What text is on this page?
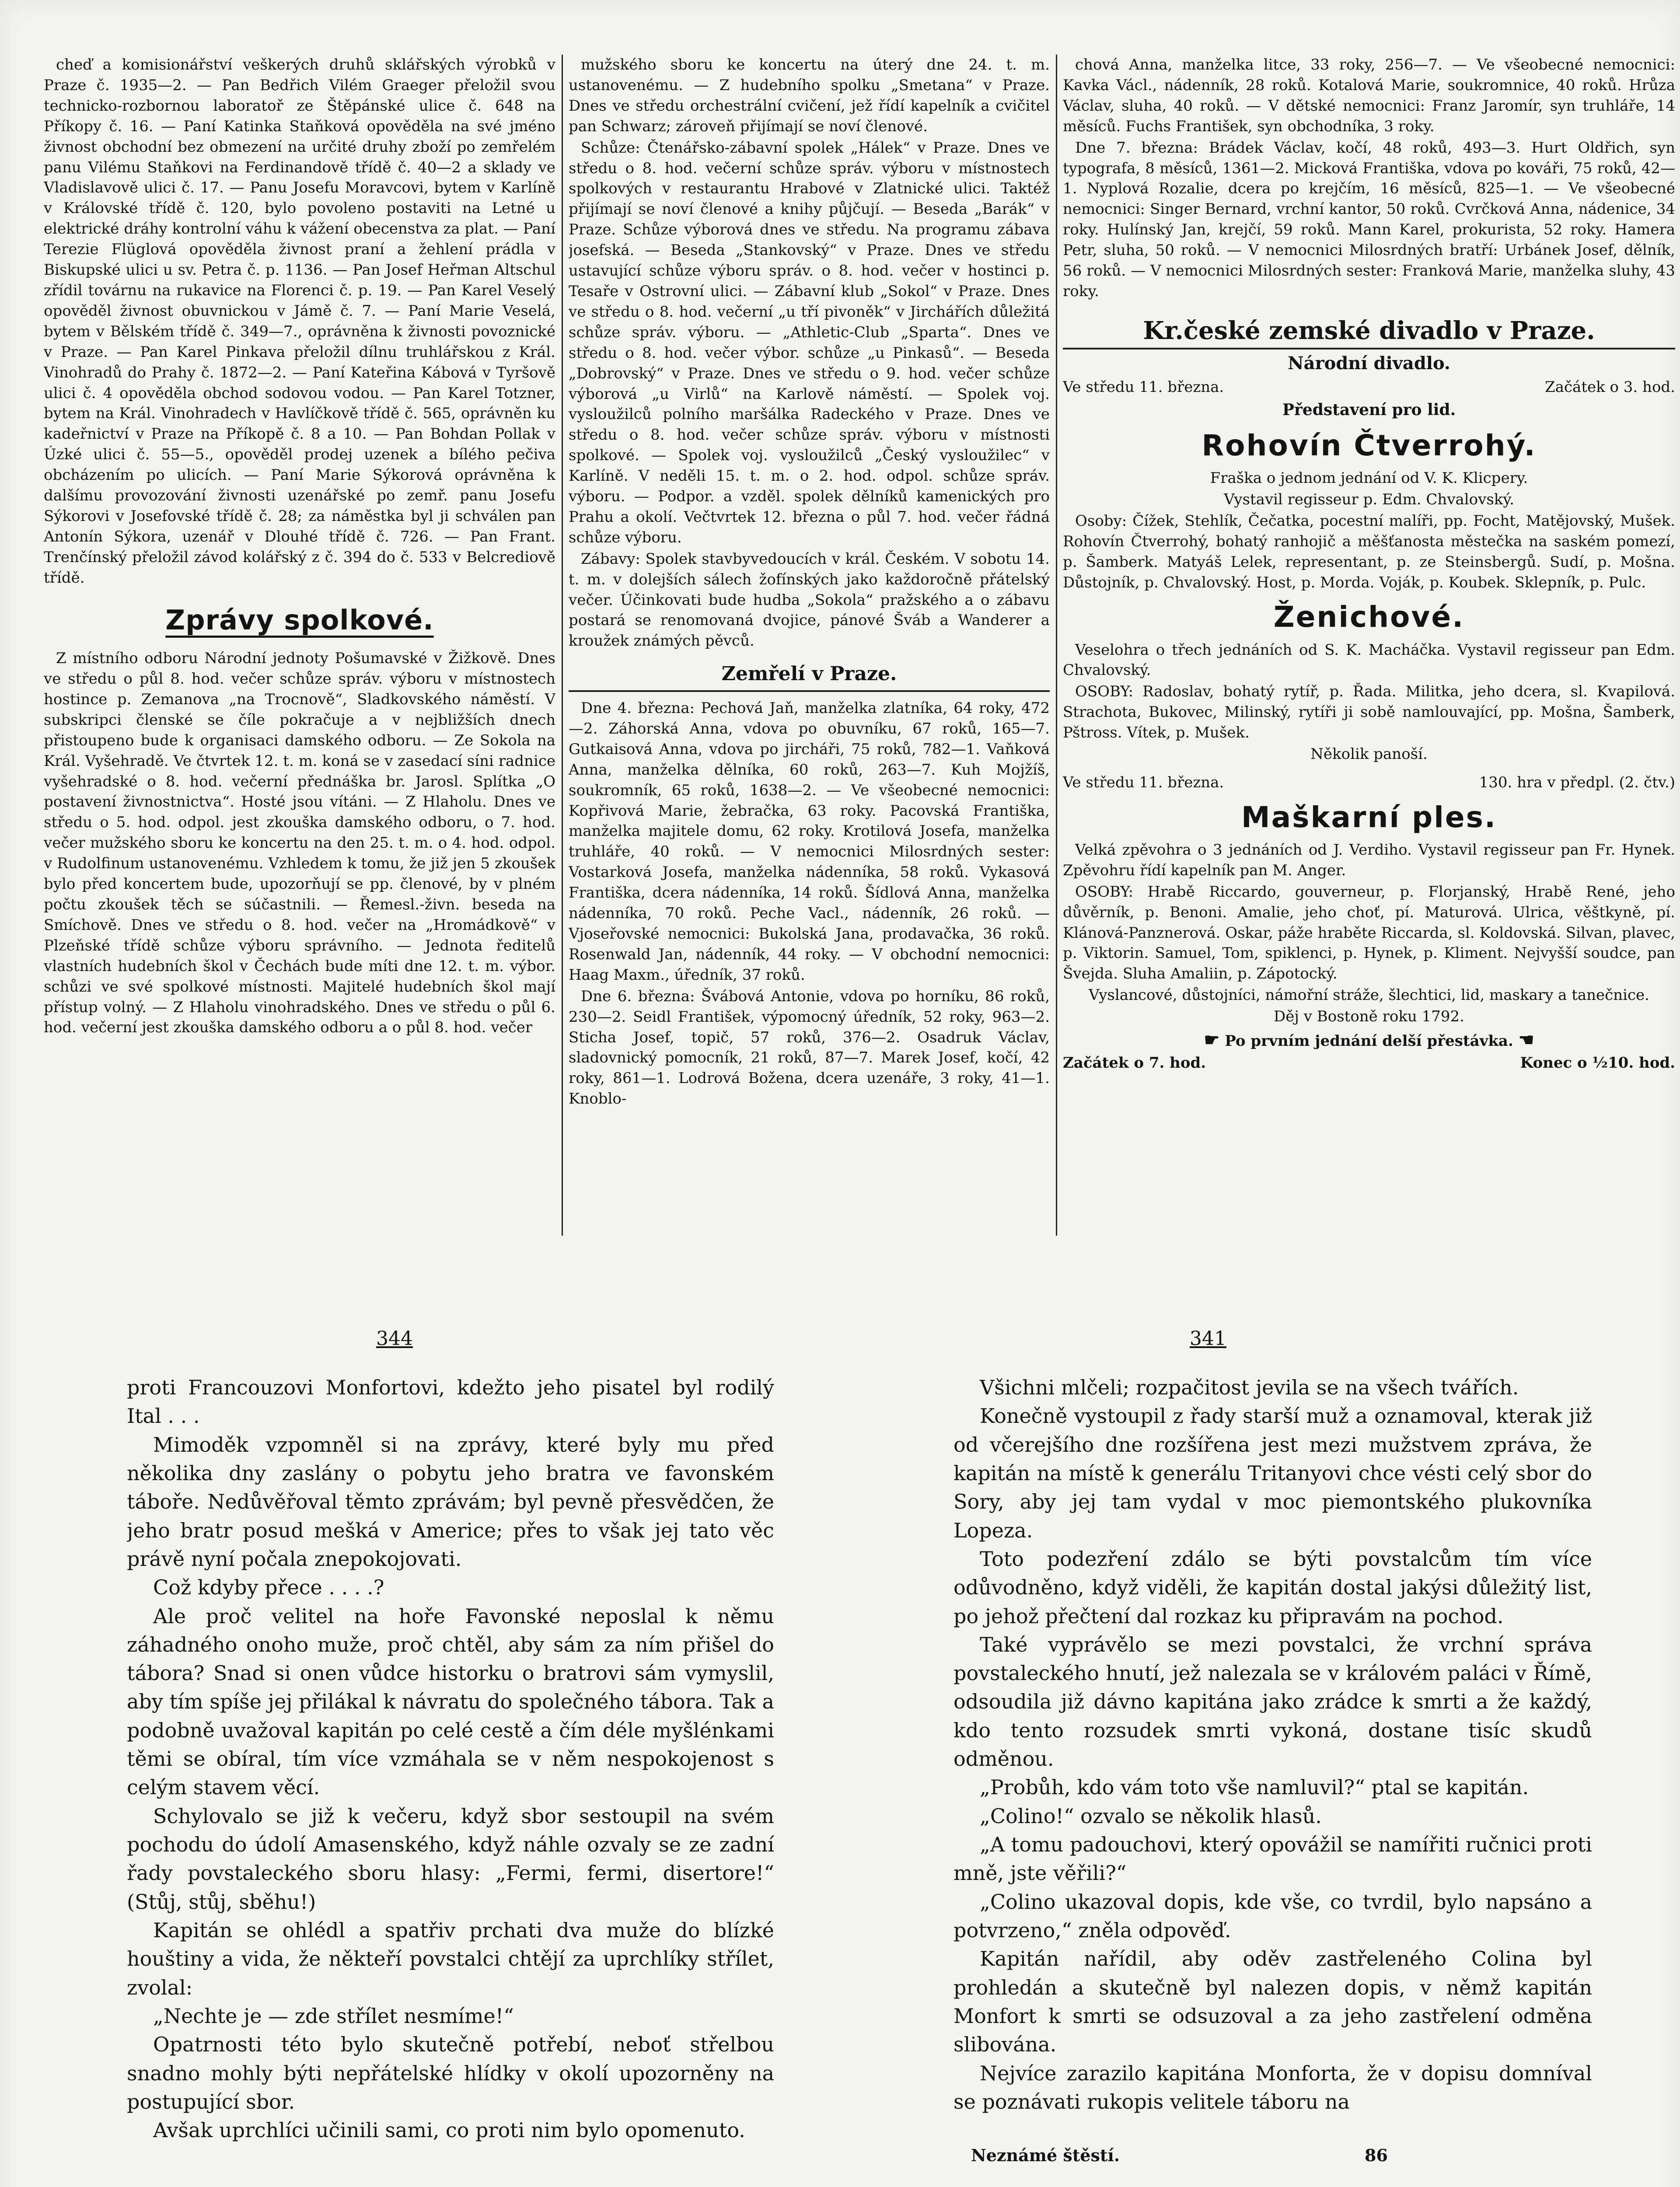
cheď a komisionářství veškerých druhů sklářských výrobků v Praze č. 1935—2. — Pan Bedřich Vilém Graeger přeložil svou technicko-rozbornou laboratoř ze Štěpánské ulice č. 648 na Příkopy č. 16. — Paní Katinka Staňková opověděla na své jméno živnost obchodní bez obmezení na určité druhy zboží po zemřelém panu Vilému Staňkovi na Ferdinandově třídě č. 40—2 a sklady ve Vladislavově ulici č. 17. — Panu Josefu Moravcovi, bytem v Karlíně v Královské třídě č. 120, bylo povoleno postaviti na Letné u elektrické dráhy kontrolní váhu k vážení obecenstva za plat. — Paní Terezie Flüglová opověděla živnost praní a žehlení prádla v Biskupské ulici u sv. Petra č. p. 1136. — Pan Josef Heřman Altschul zřídil továrnu na rukavice na Florenci č. p. 19. — Pan Karel Veselý opověděl živnost obuvnickou v Jámě č. 7. — Paní Marie Veselá, bytem v Bělském třídě č. 349—7., oprávněna k živnosti povoznické v Praze. — Pan Karel Pinkava přeložil dílnu truhlářskou z Král. Vinohradů do Prahy č. 1872—2. — Paní Kateřina Kábová v Tyršově ulici č. 4 opověděla obchod sodovou vodou. — Pan Karel Totzner, bytem na Král. Vinohradech v Havlíčkově třídě č. 565, oprávněn ku kadeřnictví v Praze na Příkopě č. 8 a 10. — Pan Bohdan Pollak v Úzké ulici č. 55—5., opověděl prodej uzenek a bílého pečiva obcházením po ulicích. — Paní Marie Sýkorová oprávněna k dalšímu provozování živnosti uzenářské po zemř. panu Josefu Sýkorovi v Josefovské třídě č. 28; za náměstka byl ji schválen pan Antonín Sýkora, uzenář v Dlouhé třídě č. 726. — Pan Frant. Trenčínský přeložil závod kolářský z č. 394 do č. 533 v Belcrediově třídě.

Zprávy spolkové.

Z místního odboru Národní jednoty Pošumavské v Žižkově. Dnes ve středu o půl 8. hod. večer schůze správ. výboru v místnostech hostince p. Zemanova „na Trocnově“, Sladkovského náměstí. V subskripci členské se číle pokračuje a v nejbližších dnech přistoupeno bude k organisaci damského odboru. — Ze Sokola na Král. Vyšehradě. Ve čtvrtek 12. t. m. koná se v zasedací síni radnice vyšehradské o 8. hod. večerní přednáška br. Jarosl. Splítka „O postavení živnostnictva“. Hosté jsou vítáni. — Z Hlaholu. Dnes ve středu o 5. hod. odpol. jest zkouška damského odboru, o 7. hod. večer mužského sboru ke koncertu na den 25. t. m. o 4. hod. odpol. v Rudolfinum ustanovenému. Vzhledem k tomu, že již jen 5 zkoušek bylo před koncertem bude, upozorňují se pp. členové, by v plném počtu zkoušek těch se súčastnili. — Řemesl.-živn. beseda na Smíchově. Dnes ve středu o 8. hod. večer na „Hromádkově“ v Plzeňské třídě schůze výboru správního. — Jednota ředitelů vlastních hudebních škol v Čechách bude míti dne 12. t. m. výbor. schůzi ve své spolkové místnosti. Majitelé hudebních škol mají přístup volný. — Z Hlaholu vinohradského. Dnes ve středu o půl 6. hod. večerní jest zkouška damského odboru a o půl 8. hod. večer

mužského sboru ke koncertu na úterý dne 24. t. m. ustanovenému. — Z hudebního spolku „Smetana“ v Praze. Dnes ve středu orchestrální cvičení, jež řídí kapelník a cvičitel pan Schwarz; zároveň přijímají se noví členové.

Schůze: Čtenářsko-zábavní spolek „Hálek“ v Praze. Dnes ve středu o 8. hod. večerní schůze správ. výboru v místnostech spolkových v restaurantu Hrabové v Zlatnické ulici. Taktéž přijímají se noví členové a knihy půjčují. — Beseda „Barák“ v Praze. Schůze výborová dnes ve středu. Na programu zábava josefská. — Beseda „Stankovský“ v Praze. Dnes ve středu ustavující schůze výboru správ. o 8. hod. večer v hostinci p. Tesaře v Ostrovní ulici. — Zábavní klub „Sokol“ v Praze. Dnes ve středu o 8. hod. večerní „u tří pivoněk“ v Jirchářích důležitá schůze správ. výboru. — „Athletic-Club „Sparta“. Dnes ve středu o 8. hod. večer výbor. schůze „u Pinkasů“. — Beseda „Dobrovský“ v Praze. Dnes ve středu o 9. hod. večer schůze výborová „u Virlů“ na Karlově náměstí. — Spolek voj. vysloužilců polního maršálka Radeckého v Praze. Dnes ve středu o 8. hod. večer schůze správ. výboru v místnosti spolkové. — Spolek voj. vysloužilců „Český vysloužilec“ v Karlíně. V neděli 15. t. m. o 2. hod. odpol. schůze správ. výboru. — Podpor. a vzděl. spolek dělníků kamenických pro Prahu a okolí. Večtvrtek 12. března o půl 7. hod. večer řádná schůze výboru.

Zábavy: Spolek stavbyvedoucích v král. Českém. V sobotu 14. t. m. v dolejších sálech žofínských jako každoročně přátelský večer. Účinkovati bude hudba „Sokola“ pražského a o zábavu postará se renomovaná dvojice, pánové Šváb a Wanderer a kroužek známých pěvců.

Zemřelí v Praze.

Dne 4. března: Pechová Jaň, manželka zlatníka, 64 roky, 472—2. Záhorská Anna, vdova po obuvníku, 67 roků, 165—7. Gutkaisová Anna, vdova po jircháři, 75 roků, 782—1. Vaňková Anna, manželka dělníka, 60 roků, 263—7. Kuh Mojžíš, soukromník, 65 roků, 1638—2. — Ve všeobecné nemocnici: Kopřivová Marie, žebračka, 63 roky. Pacovská Františka, manželka majitele domu, 62 roky. Krotilová Josefa, manželka truhláře, 40 roků. — V nemocnici Milosrdných sester: Vostarková Josefa, manželka nádenníka, 58 roků. Vykasová Františka, dcera nádenníka, 14 roků. Šídlová Anna, manželka nádenníka, 70 roků. Peche Vacl., nádenník, 26 roků. — Vjoseřovské nemocnici: Bukolská Jana, prodavačka, 36 roků. Rosenwald Jan, nádenník, 44 roky. — V obchodní nemocnici: Haag Maxm., úředník, 37 roků.

Dne 6. března: Švábová Antonie, vdova po horníku, 86 roků, 230—2. Seidl František, výpomocný úředník, 52 roky, 963—2. Sticha Josef, topič, 57 roků, 376—2. Osadruk Václav, sladovnický pomocník, 21 roků, 87—7. Marek Josef, kočí, 42 roky, 861—1. Lodrová Božena, dcera uzenáře, 3 roky, 41—1. Knoblo-

chová Anna, manželka litce, 33 roky, 256—7. — Ve všeobecné nemocnici: Kavka Václ., nádenník, 28 roků. Kotalová Marie, soukromnice, 40 roků. Hrůza Václav, sluha, 40 roků. — V dětské nemocnici: Franz Jaromír, syn truhláře, 14 měsíců. Fuchs František, syn obchodníka, 3 roky.

Dne 7. března: Brádek Václav, kočí, 48 roků, 493—3. Hurt Oldřich, syn typografa, 8 měsíců, 1361—2. Micková Františka, vdova po kováři, 75 roků, 42—1. Nyplová Rozalie, dcera po krejčím, 16 měsíců, 825—1. — Ve všeobecné nemocnici: Singer Bernard, vrchní kantor, 50 roků. Cvrčková Anna, nádenice, 34 roky. Hulínský Jan, krejčí, 59 roků. Mann Karel, prokurista, 52 roky. Hamera Petr, sluha, 50 roků. — V nemocnici Milosrdných bratří: Urbánek Josef, dělník, 56 roků. — V nemocnici Milosrdných sester: Franková Marie, manželka sluhy, 43 roky.

Kr.české zemské divadlo v Praze.
Národní divadlo.
Ve středu 11. března.	Začátek o 3. hod.
Představení pro lid.
Rohovín Čtverrohý.

Fraška o jednom jednání od V. K. Klicpery.

Vystavil regisseur p. Edm. Chvalovský.

Osoby: Čížek, Stehlík, Čečatka, pocestní malíři, pp. Focht, Matějovský, Mušek. Rohovín Čtverrohý, bohatý ranhojič a měšťanosta městečka na saském pomezí, p. Šamberk. Matyáš Lelek, representant, p. ze Steinsbergů. Sudí, p. Mošna. Důstojník, p. Chvalovský. Host, p. Morda. Voják, p. Koubek. Sklepník, p. Pulc.

Ženichové.

Veselohra o třech jednáních od S. K. Macháčka. Vystavil regisseur pan Edm. Chvalovský.

OSOBY: Radoslav, bohatý rytíř, p. Řada. Militka, jeho dcera, sl. Kvapilová. Strachota, Bukovec, Milinský, rytíři ji sobě namlouvající, pp. Mošna, Šamberk, Pštross. Vítek, p. Mušek.

Několik panoší.

Ve středu 11. března.	130. hra v předpl. (2. čtv.)
Maškarní ples.

Velká zpěvohra o 3 jednáních od J. Verdiho. Vystavil regisseur pan Fr. Hynek. Zpěvohru řídí kapelník pan M. Anger.

OSOBY: Hrabě Riccardo, gouverneur, p. Florjanský, Hrabě René, jeho důvěrník, p. Benoni. Amalie, jeho choť, pí. Maturová. Ulrica, věštkyně, pí. Klánová-Panznerová. Oskar, páže hraběte Riccarda, sl. Koldovská. Silvan, plavec, p. Viktorin. Samuel, Tom, spiklenci, p. Hynek, p. Kliment. Nejvyšší soudce, pan Švejda. Sluha Amaliin, p. Zápotocký.

Vyslancové, důstojníci, námořní stráže, šlechtici, lid, maskary a tanečnice.

Děj v Bostoně roku 1792.

☛ Po prvním jednání delší přestávka. ☚

Začátek o 7. hod.	Konec o ½10. hod.
344	341

proti Francouzovi Monfortovi, kdežto jeho pisatel byl rodilý Ital . . .

Mimoděk vzpomněl si na zprávy, které byly mu před několika dny zaslány o pobytu jeho bratra ve favonském táboře. Nedůvěřoval těmto zprávám; byl pevně přesvědčen, že jeho bratr posud mešká v Americe; přes to však jej tato věc právě nyní počala znepokojovati.

Což kdyby přece . . . .?

Ale proč velitel na hoře Favonské neposlal k němu záhadného onoho muže, proč chtěl, aby sám za ním přišel do tábora? Snad si onen vůdce historku o bratrovi sám vymyslil, aby tím spíše jej přilákal k návratu do společného tábora. Tak a podobně uvažoval kapitán po celé cestě a čím déle myšlénkami těmi se obíral, tím více vzmáhala se v něm nespokojenost s celým stavem věcí.

Schylovalo se již k večeru, když sbor sestoupil na svém pochodu do údolí Amasenského, když náhle ozvaly se ze zadní řady povstaleckého sboru hlasy: „Fermi, fermi, disertore!“ (Stůj, stůj, sběhu!)

Kapitán se ohlédl a spatřiv prchati dva muže do blízké houštiny a vida, že někteří povstalci chtějí za uprchlíky střílet, zvolal:

„Nechte je — zde střílet nesmíme!“

Opatrnosti této bylo skutečně potřebí, neboť střelbou snadno mohly býti nepřátelské hlídky v okolí upozorněny na postupující sbor.

Avšak uprchlíci učinili sami, co proti nim bylo opomenuto.

Všichni mlčeli; rozpačitost jevila se na všech tvářích.

Konečně vystoupil z řady starší muž a oznamoval, kterak již od včerejšího dne rozšířena jest mezi mužstvem zpráva, že kapitán na místě k generálu Tritanyovi chce vésti celý sbor do Sory, aby jej tam vydal v moc piemontského plukovníka Lopeza.

Toto podezření zdálo se býti povstalcům tím více odůvodněno, když viděli, že kapitán dostal jakýsi důležitý list, po jehož přečtení dal rozkaz ku připravám na pochod.

Také vyprávělo se mezi povstalci, že vrchní správa povstaleckého hnutí, jež nalezala se v královém paláci v Římě, odsoudila již dávno kapitána jako zrádce k smrti a že každý, kdo tento rozsudek smrti vykoná, dostane tisíc skudů odměnou.

„Probůh, kdo vám toto vše namluvil?“ ptal se kapitán.

„Colino!“ ozvalo se několik hlasů.

„A tomu padouchovi, který opovážil se namířiti ručnici proti mně, jste věřili?“

„Colino ukazoval dopis, kde vše, co tvrdil, bylo napsáno a potvrzeno,“ zněla odpověď.

Kapitán nařídil, aby oděv zastřeleného Colina byl prohledán a skutečně byl nalezen dopis, v němž kapitán Monfort k smrti se odsuzoval a za jeho zastřelení odměna slibována.

Nejvíce zarazilo kapitána Monforta, že v dopisu domníval se poznávati rukopis velitele táboru na

Neznámé štěstí.	86
